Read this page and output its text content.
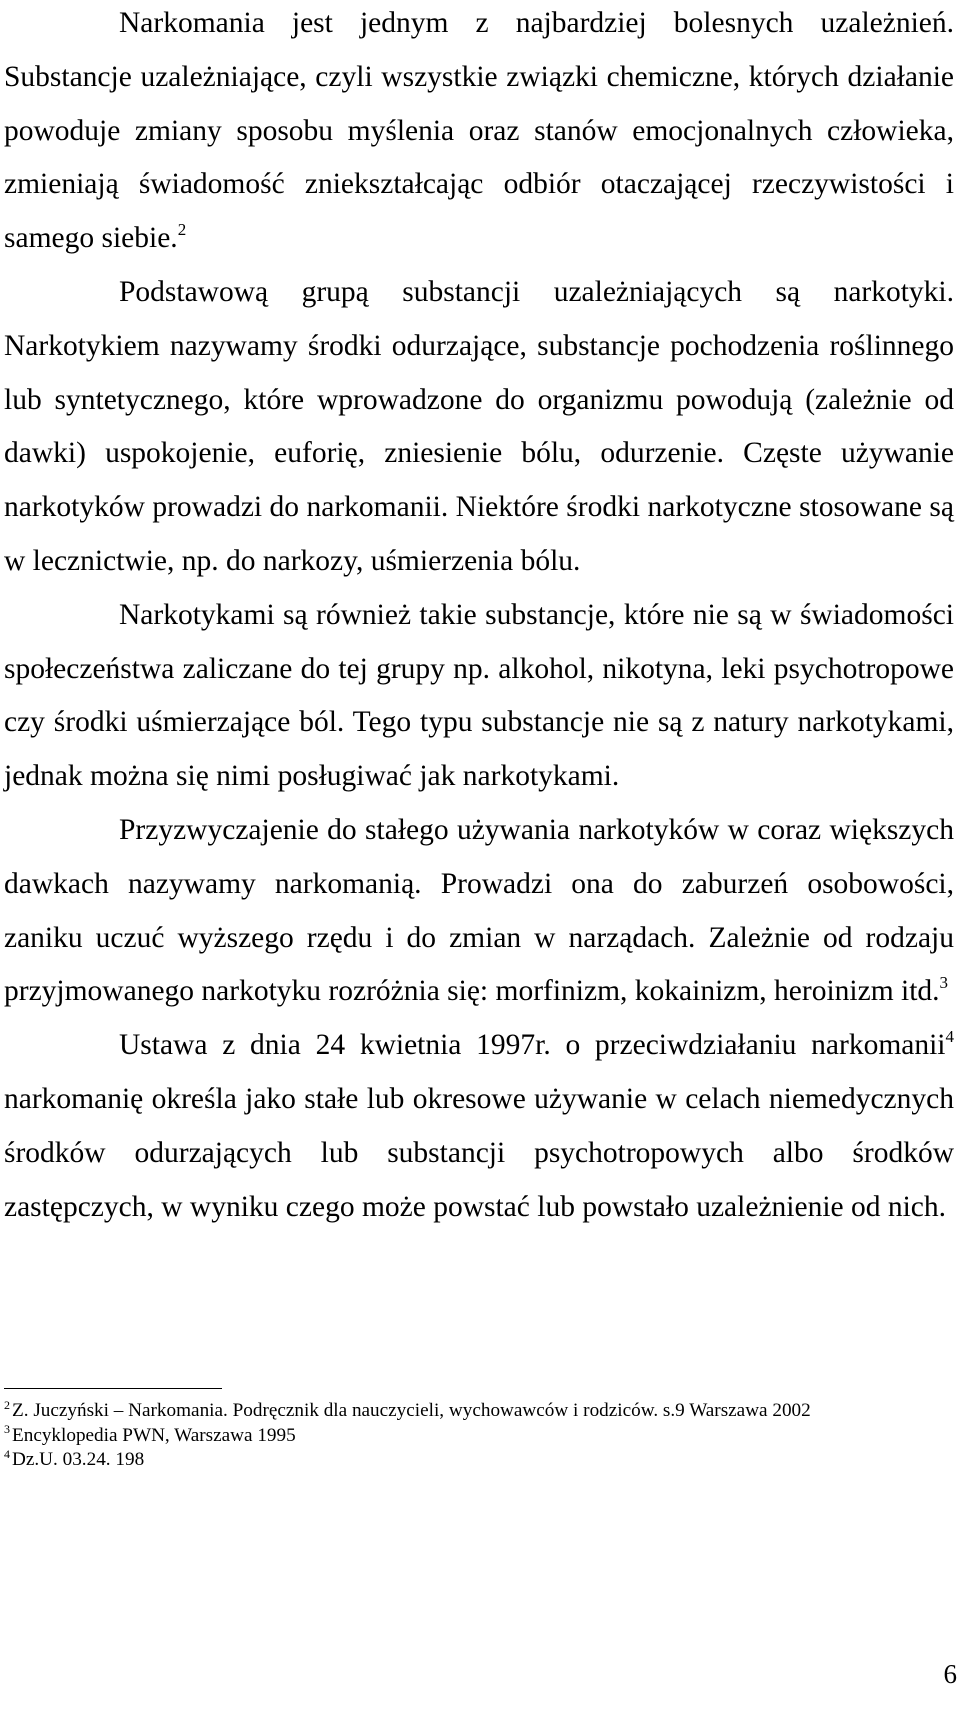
Narkomania jest jednym z najbardziej bolesnych uzależnień. Substancje uzależniające, czyli wszystkie związki chemiczne, których działanie powoduje zmiany sposobu myślenia oraz stanów emocjonalnych człowieka, zmieniają świadomość zniekształcając odbiór otaczającej rzeczywistości i samego siebie.$^2$

Podstawową grupą substancji uzależniających są narkotyki. Narkotykiem nazywamy środki odurzające, substancje pochodzenia roślinnego lub syntetycznego, które wprowadzone do organizmu powodują (zależnie od dawki) uspokojenie, euforię, zniesienie bólu, odurzenie. Częste używanie narkotyków prowadzi do narkomanii. Niektóre środki narkotyczne stosowane są w lecznictwie, np. do narkozy, uśmierzenia bólu.

Narkotykami są również takie substancje, które nie są w świadomości społeczeństwa zaliczane do tej grupy np. alkohol, nikotyna, leki psychotropowe czy środki uśmierzające ból. Tego typu substancje nie są z natury narkotykami, jednak można się nimi posługiwać jak narkotykami.

Przyzwyczajenie do stałego używania narkotyków w coraz większych dawkach nazywamy narkomanią. Prowadzi ona do zaburzeń osobowości, zaniku uczuć wyższego rzędu i do zmian w narządach. Zależnie od rodzaju przyjmowanego narkotyku rozróżnia się: morfinizm, kokainizm, heroinizm itd.$^3$

Ustawa z dnia 24 kwietnia 1997r. o przeciwdziałaniu narkomanii$^4$ narkomanię określa jako stałe lub okresowe używanie w celach niemedycznych środków odurzających lub substancji psychotropowych albo środków zastępczych, w wyniku czego może powstać lub powstało uzależnienie od nich.

$^2$ Z. Juczyński – Narkomania. Podręcznik dla nauczycieli, wychowawców i rodziców. s.9 Warszawa 2002

$^3$ Encyklopedia PWN, Warszawa 1995

$^4$ Dz.U. 03.24. 198

6
